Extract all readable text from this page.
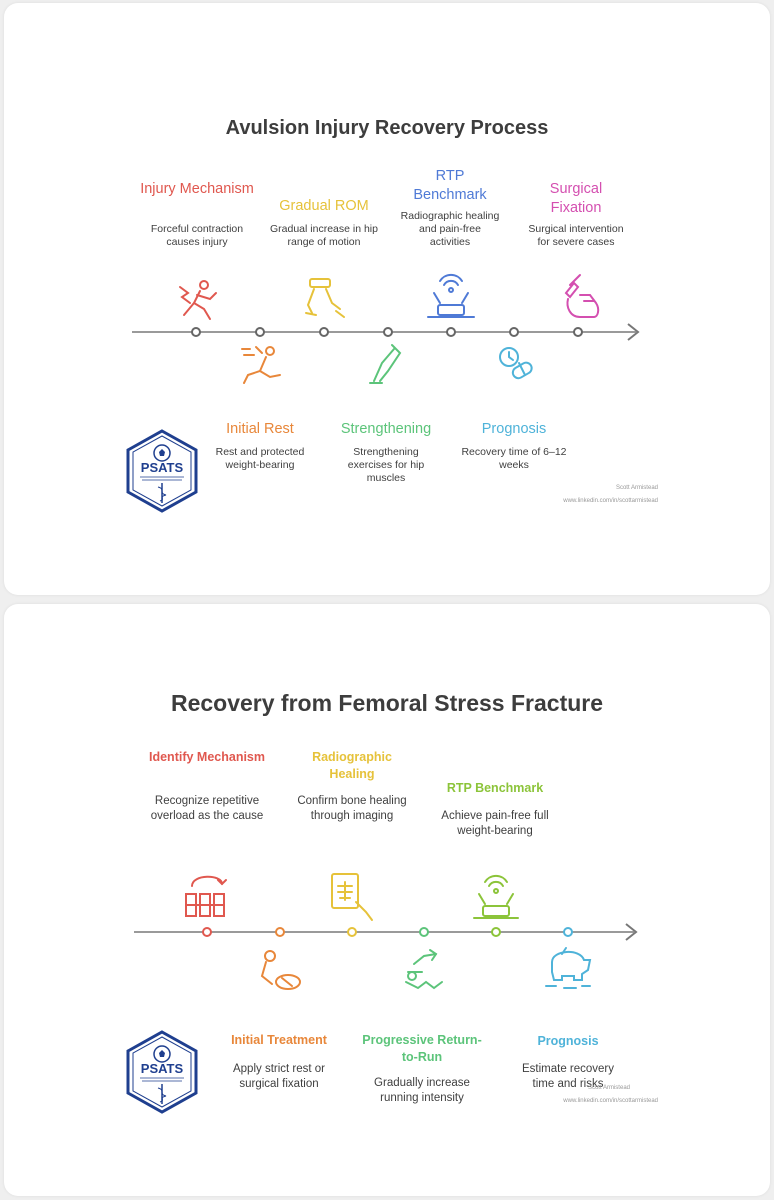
Avulsion Injury Recovery Process
Injury Mechanism
Forceful contraction causes injury
Gradual ROM
Gradual increase in hip range of motion
RTP Benchmark
Radiographic healing and pain-free activities
Surgical Fixation
Surgical intervention for severe cases
Initial Rest
Rest and protected weight-bearing
Strengthening
Strengthening exercises for hip muscles
Prognosis
Recovery time of 6–12 weeks
PSATS
Scott Armistead
www.linkedin.com/in/scottarmistead
Recovery from Femoral Stress Fracture
Identify Mechanism
Recognize repetitive overload as the cause
Radiographic Healing
Confirm bone healing through imaging
RTP Benchmark
Achieve pain-free full weight-bearing
Initial Treatment
Apply strict rest or surgical fixation
Progressive Return-to-Run
Gradually increase running intensity
Prognosis
Estimate recovery time and risks
PSATS
Scott Armistead
www.linkedin.com/in/scottarmistead
